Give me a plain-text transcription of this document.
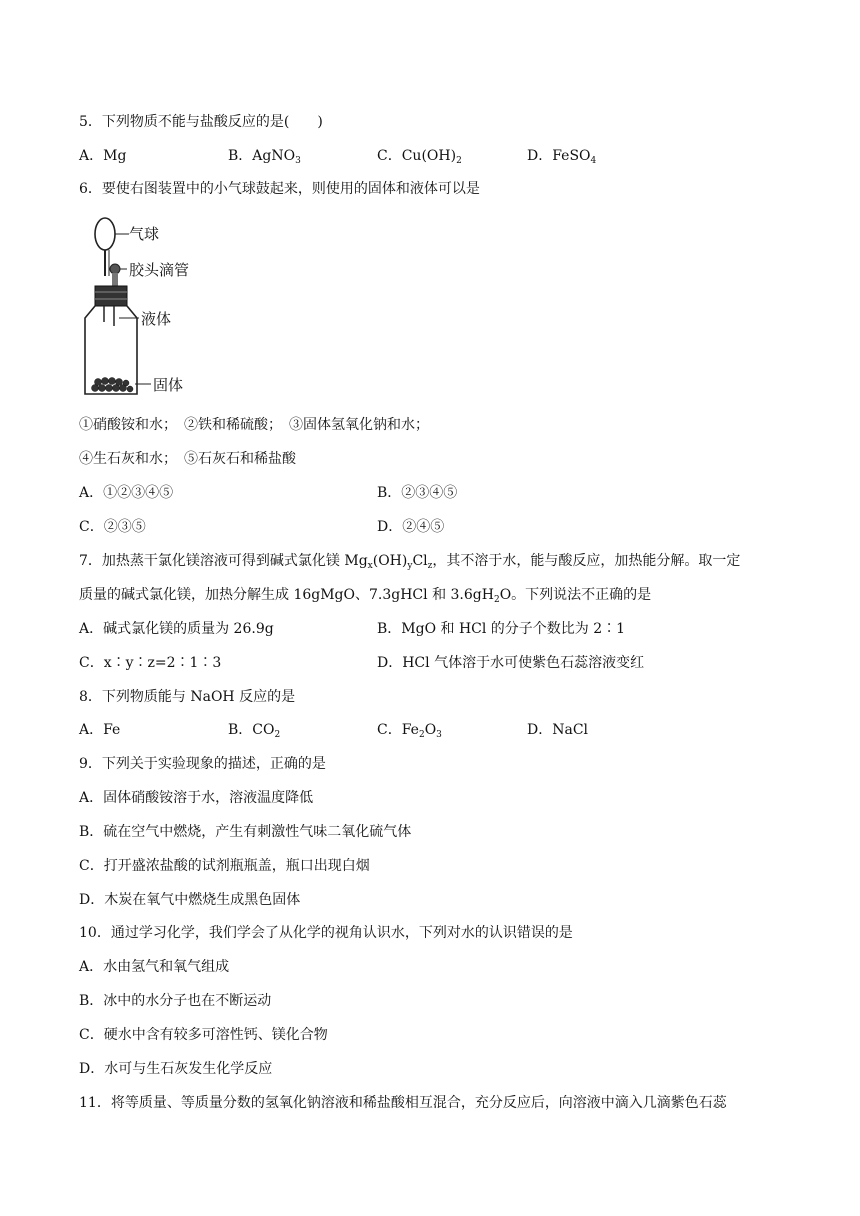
5．下列物质不能与盐酸反应的是(　　)
A．Mg	B．AgNO$_3$	C．$Cu(OH)_2$	D．FeSO$_4$
6．要使右图装置中的小气球鼓起来，则使用的固体和液体可以是
气球
胶头滴管
液体
固体
①硝酸铵和水；　②铁和稀硫酸；　③固体氢氧化钠和水；
④生石灰和水；　⑤石灰石和稀盐酸
A．①②③④⑤	B．②③④⑤
C．②③⑤	D．②④⑤
7．加热蒸干氯化镁溶液可得到碱式氯化镁 $Mg_x(OH)_yCl_z$，其不溶于水，能与酸反应，加热能分解。取一定
质量的碱式氯化镁，加热分解生成 16gMgO、7.3gHCl 和 $3.6gH_2O$。下列说法不正确的是
A．碱式氯化镁的质量为 26.9g	B．MgO 和 HCl 的分子个数比为 2∶1
C．x∶y∶z=2∶1∶3	D．HCl 气体溶于水可使紫色石蕊溶液变红
8．下列物质能与 NaOH 反应的是
A．Fe	B．$CO_2$	C．$Fe_2O_3$	D．NaCl
9．下列关于实验现象的描述，正确的是
A．固体硝酸铵溶于水，溶液温度降低
B．硫在空气中燃烧，产生有刺激性气味二氧化硫气体
C．打开盛浓盐酸的试剂瓶瓶盖，瓶口出现白烟
D．木炭在氧气中燃烧生成黑色固体
10．通过学习化学，我们学会了从化学的视角认识水，下列对水的认识错误的是
A．水由氢气和氧气组成
B．冰中的水分子也在不断运动
C．硬水中含有较多可溶性钙、镁化合物
D．水可与生石灰发生化学反应
11．将等质量、等质量分数的氢氧化钠溶液和稀盐酸相互混合，充分反应后，向溶液中滴入几滴紫色石蕊
